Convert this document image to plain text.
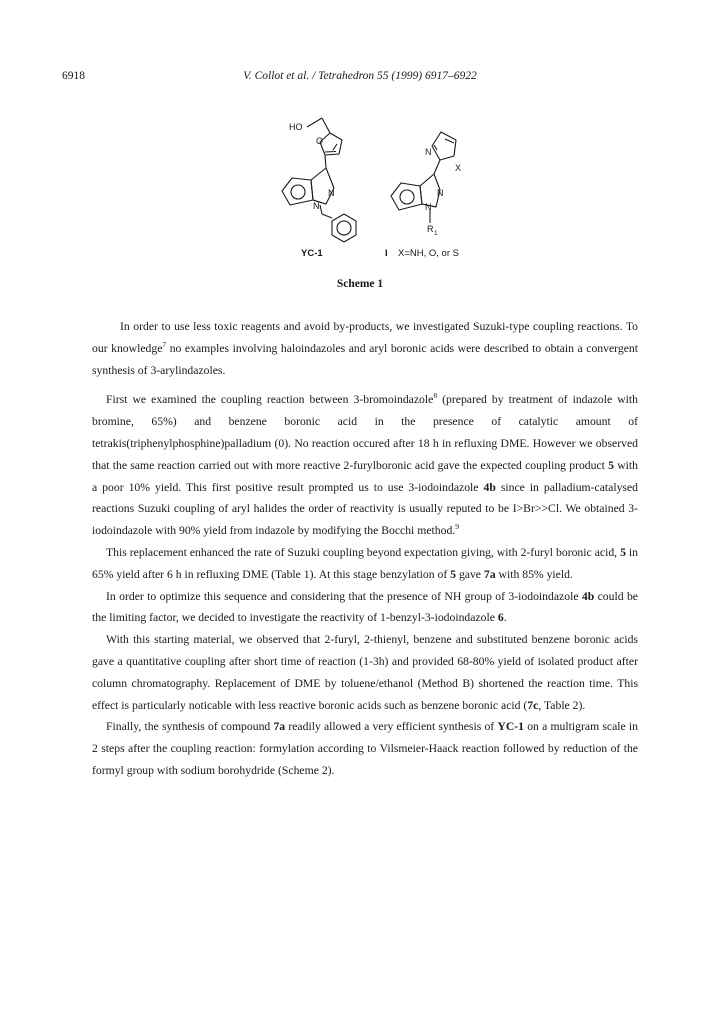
6918	V. Collot et al. / Tetrahedron 55 (1999) 6917–6922
HO
O
N
N
N
X
N
N
R 1
YC-1	I X=NH, O, or S
Scheme 1

In order to use less toxic reagents and avoid by-products, we investigated Suzuki-type coupling reactions. To our knowledge$^7$ no examples involving haloindazoles and aryl boronic acids were described to obtain a convergent synthesis of 3-arylindazoles.

First we examined the coupling reaction between 3-bromoindazole$^8$ (prepared by treatment of indazole with bromine, 65%) and benzene boronic acid in the presence of catalytic amount of tetrakis(triphenylphosphine)palladium (0). No reaction occured after 18 h in refluxing DME. However we observed that the same reaction carried out with more reactive 2-furylboronic acid gave the expected coupling product 5 with a poor 10% yield. This first positive result prompted us to use 3-iodoindazole 4b since in palladium-catalysed reactions Suzuki coupling of aryl halides the order of reactivity is usually reputed to be I>Br>>Cl. We obtained 3-iodoindazole with 90% yield from indazole by modifying the Bocchi method.$^9$

This replacement enhanced the rate of Suzuki coupling beyond expectation giving, with 2-furyl boronic acid, 5 in 65% yield after 6 h in refluxing DME (Table 1). At this stage benzylation of 5 gave 7a with 85% yield.

In order to optimize this sequence and considering that the presence of NH group of 3-iodoindazole 4b could be the limiting factor, we decided to investigate the reactivity of 1-benzyl-3-iodoindazole 6.

With this starting material, we observed that 2-furyl, 2-thienyl, benzene and substituted benzene boronic acids gave a quantitative coupling after short time of reaction (1-3h) and provided 68-80% yield of isolated product after column chromatography. Replacement of DME by toluene/ethanol (Method B) shortened the reaction time. This effect is particularly noticable with less reactive boronic acids such as benzene boronic acid (7c, Table 2).

Finally, the synthesis of compound 7a readily allowed a very efficient synthesis of YC-1 on a multigram scale in 2 steps after the coupling reaction: formylation according to Vilsmeier-Haack reaction followed by reduction of the formyl group with sodium borohydride (Scheme 2).
